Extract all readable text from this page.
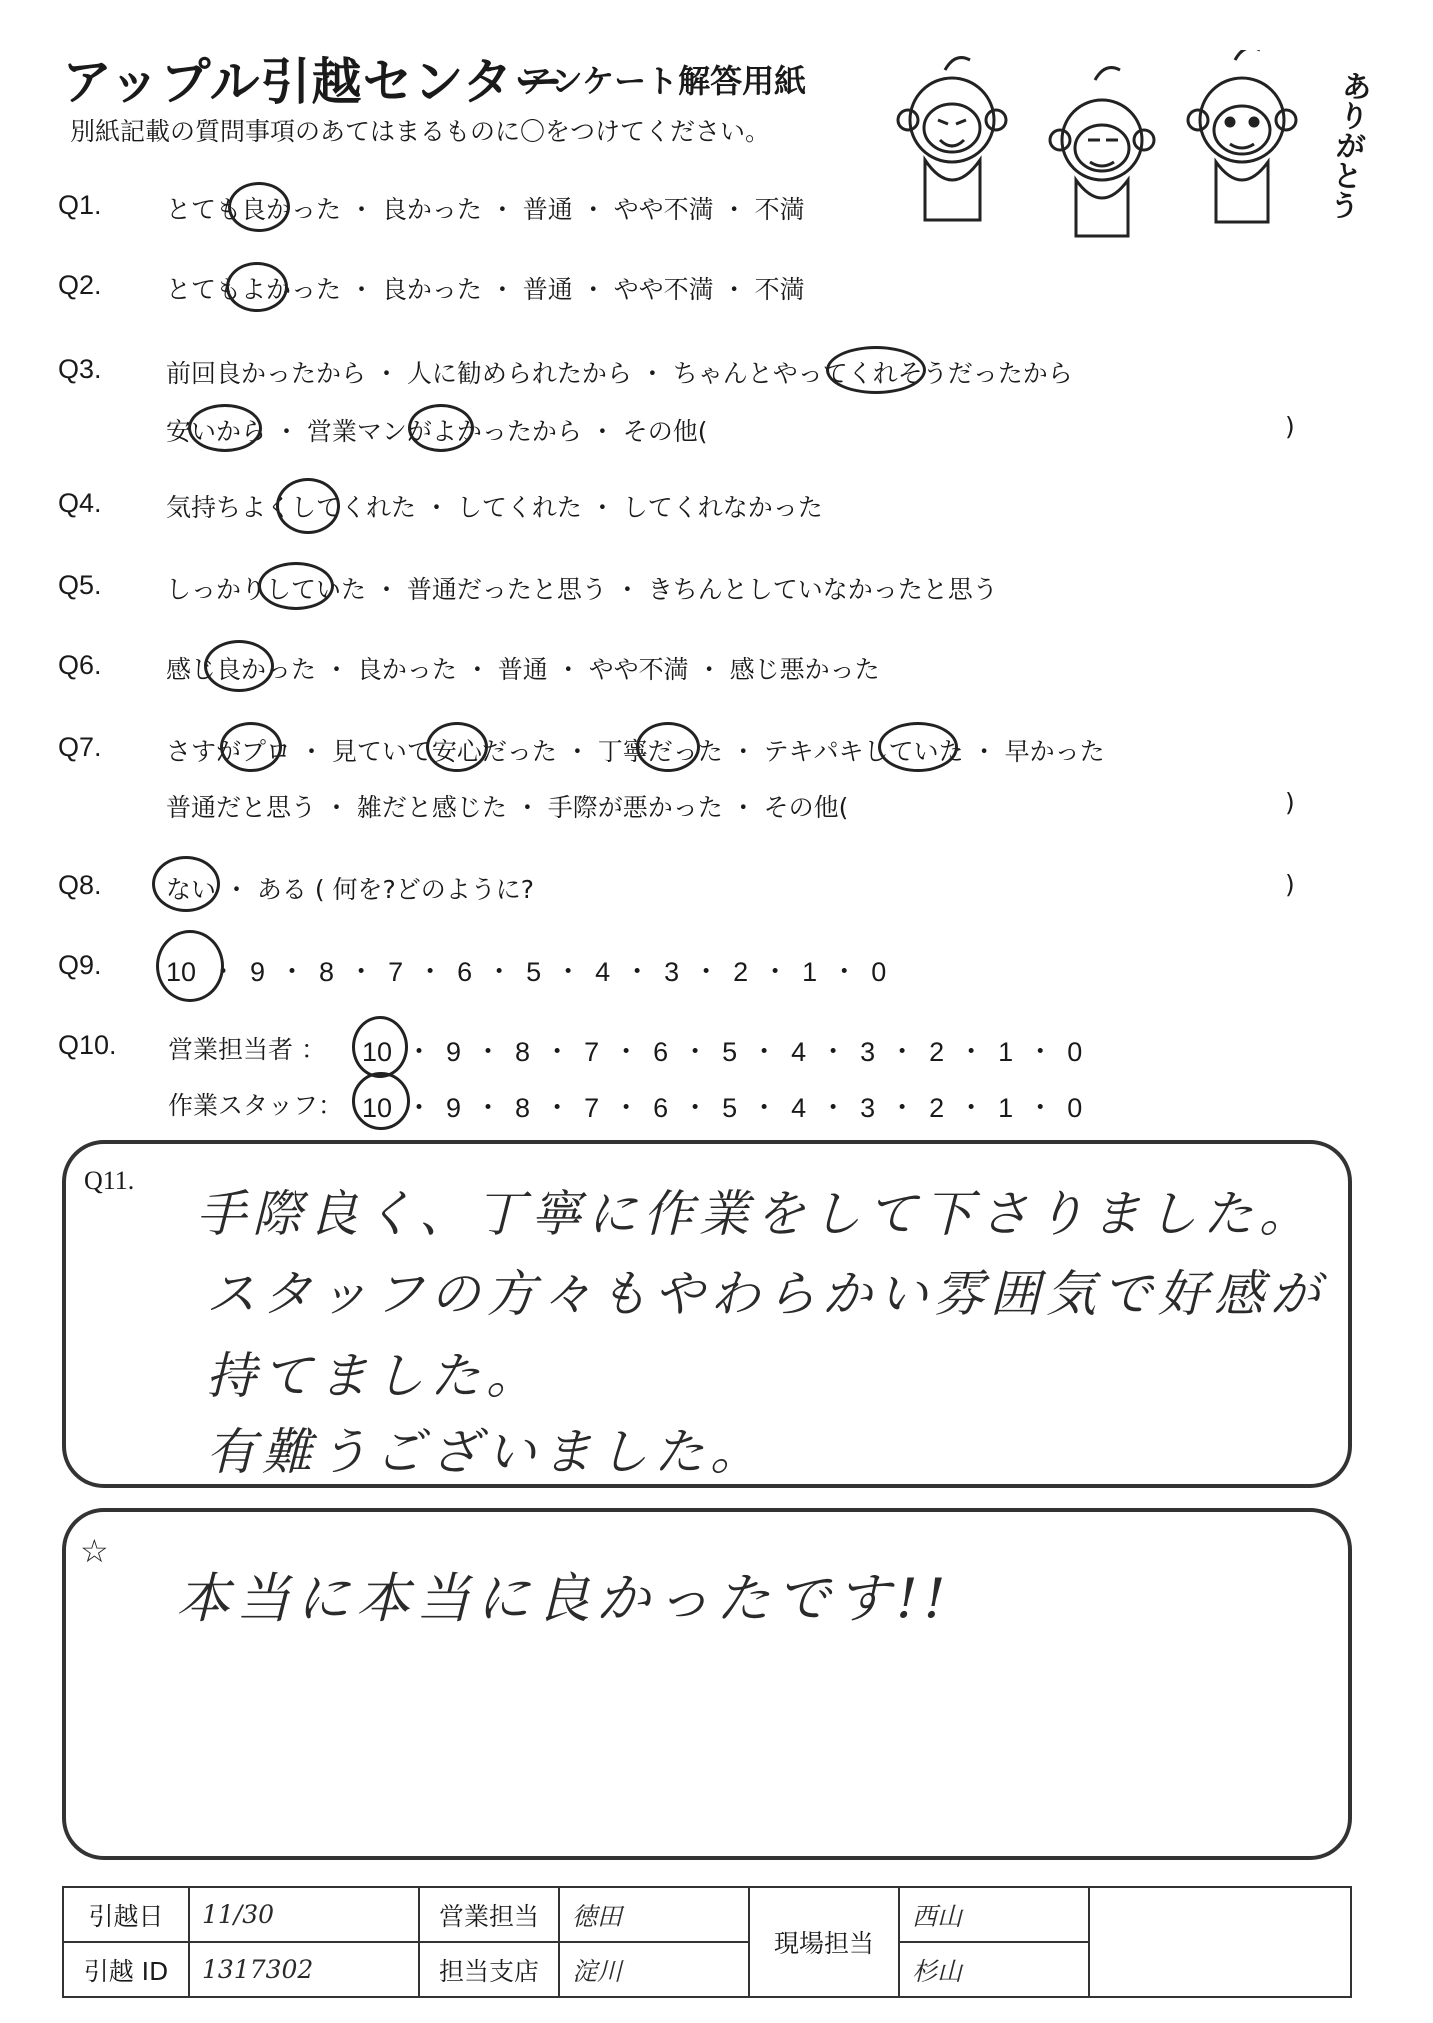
アップル引越センター
アンケート解答用紙
別紙記載の質問事項のあてはまるものに〇をつけてください。	ありがとう
Q1.	とても良かった ・ 良かった ・ 普通 ・ やや不満 ・ 不満
Q2.	とてもよかった ・ 良かった ・ 普通 ・ やや不満 ・ 不満
Q3.	前回良かったから ・ 人に勧められたから ・ ちゃんとやってくれそうだったから
安いから ・ 営業マンがよかったから ・ その他(	)
Q4.	気持ちよくしてくれた ・ してくれた ・ してくれなかった
Q5.	しっかりしていた ・ 普通だったと思う ・ きちんとしていなかったと思う
Q6.	感じ良かった ・ 良かった ・ 普通 ・ やや不満 ・ 感じ悪かった
Q7.	さすがプロ ・ 見ていて安心だった ・ 丁寧だった ・ テキパキしていた ・ 早かった
普通だと思う ・ 雑だと感じた ・ 手際が悪かった ・ その他(	)
Q8.	ない ・ ある ( 何を?どのように?	)
Q9. 10 ・ 9 ・ 8 ・ 7 ・ 6 ・ 5 ・ 4 ・ 3 ・ 2 ・ 1 ・ 0
Q10. 営業担当者 ： 10 ・ 9 ・ 8 ・ 7 ・ 6 ・ 5 ・ 4 ・ 3 ・ 2 ・ 1 ・ 0
作業スタッフ： 10 ・ 9 ・ 8 ・ 7 ・ 6 ・ 5 ・ 4 ・ 3 ・ 2 ・ 1 ・ 0
Q11.
手際良く、丁寧に作業をして下さりました。
スタッフの方々もやわらかい雰囲気で好感が
持てました。
有難うございました。
☆
本当に本当に良かったです!!
引越日	11/30	営業担当	徳田	現場担当	西山	
引越 ID	1317302	担当支店	淀川		杉山	
